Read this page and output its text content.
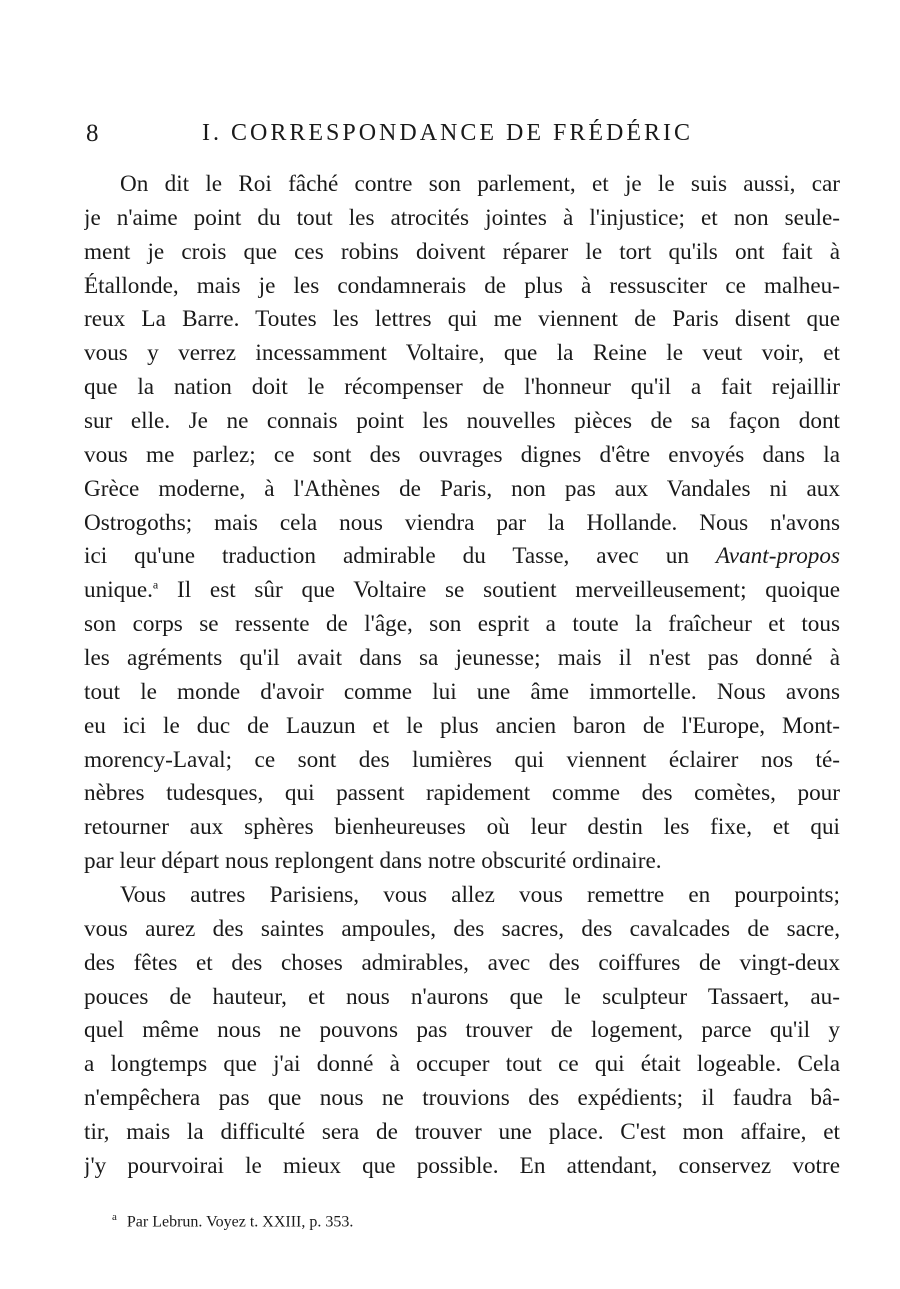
8	I. CORRESPONDANCE DE FRÉDÉRIC
On dit le Roi fâché contre son parlement, et je le suis aussi, car
je n'aime point du tout les atrocités jointes à l'injustice; et non seule-
ment je crois que ces robins doivent réparer le tort qu'ils ont fait à
Étallonde, mais je les condamnerais de plus à ressusciter ce malheu-
reux La Barre. Toutes les lettres qui me viennent de Paris disent que
vous y verrez incessamment Voltaire, que la Reine le veut voir, et
que la nation doit le récompenser de l'honneur qu'il a fait rejaillir
sur elle. Je ne connais point les nouvelles pièces de sa façon dont
vous me parlez; ce sont des ouvrages dignes d'être envoyés dans la
Grèce moderne, à l'Athènes de Paris, non pas aux Vandales ni aux
Ostrogoths; mais cela nous viendra par la Hollande. Nous n'avons
ici qu'une traduction admirable du Tasse, avec un Avant-propos
unique.$^a$ Il est sûr que Voltaire se soutient merveilleusement; quoique
son corps se ressente de l'âge, son esprit a toute la fraîcheur et tous
les agréments qu'il avait dans sa jeunesse; mais il n'est pas donné à
tout le monde d'avoir comme lui une âme immortelle. Nous avons
eu ici le duc de Lauzun et le plus ancien baron de l'Europe, Mont-
morency-Laval; ce sont des lumières qui viennent éclairer nos té-
nèbres tudesques, qui passent rapidement comme des comètes, pour
retourner aux sphères bienheureuses où leur destin les fixe, et qui
par leur départ nous replongent dans notre obscurité ordinaire.
Vous autres Parisiens, vous allez vous remettre en pourpoints;
vous aurez des saintes ampoules, des sacres, des cavalcades de sacre,
des fêtes et des choses admirables, avec des coiffures de vingt-deux
pouces de hauteur, et nous n'aurons que le sculpteur Tassaert, au-
quel même nous ne pouvons pas trouver de logement, parce qu'il y
a longtemps que j'ai donné à occuper tout ce qui était logeable. Cela
n'empêchera pas que nous ne trouvions des expédients; il faudra bâ-
tir, mais la difficulté sera de trouver une place. C'est mon affaire, et
j'y pourvoirai le mieux que possible. En attendant, conservez votre
$^a$ Par Lebrun. Voyez t. XXIII, p. 353.
